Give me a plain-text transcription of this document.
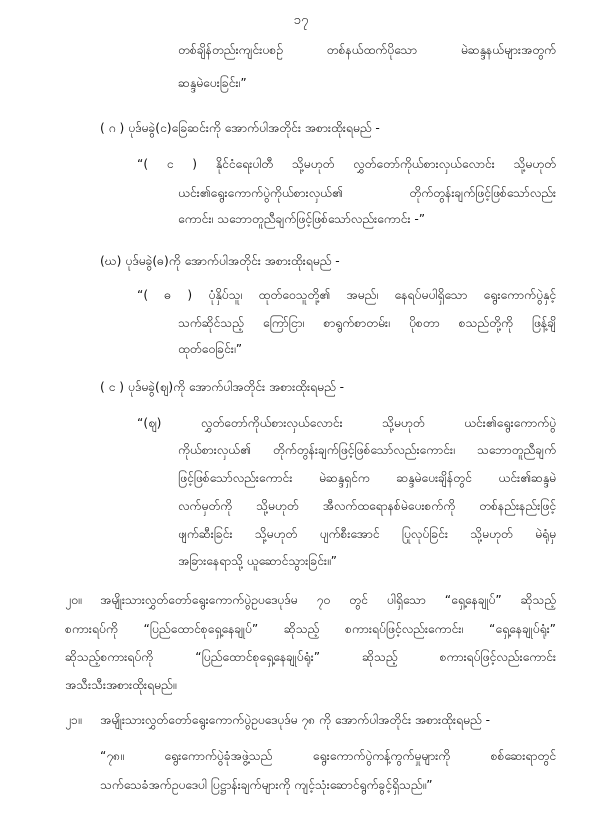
၁၇
တစ်ချိန်တည်းကျင်းပစဉ် တစ်နယ်ထက်ပိုသော မဲဆန္ဒနယ်များအတွက်
ဆန္ဒမဲပေးခြင်း၊”
( ဂ ) ပုဒ်မခွဲ(င)ခြေဆင်းကို အောက်ပါအတိုင်း အစားထိုးရမည် -
“( င ) နိုင်ငံရေးပါတီ သို့မဟုတ် လွှတ်တော်ကိုယ်စားလှယ်လောင်း သို့မဟုတ်
ယင်း၏ရွေးကောက်ပွဲကိုယ်စားလှယ်၏ တိုက်တွန်းချက်ဖြင့်ဖြစ်သော်လည်း
ကောင်း၊ သဘောတူညီချက်ဖြင့်ဖြစ်သော်လည်းကောင်း -”
(ဃ) ပုဒ်မခွဲ(ဓ)ကို အောက်ပါအတိုင်း အစားထိုးရမည် -
“( ဓ ) ပုံနှိပ်သူ၊ ထုတ်ဝေသူတို့၏ အမည်၊ နေရပ်မပါရှိသော ရွေးကောက်ပွဲနှင့်
သက်ဆိုင်သည့် ကြော်ငြာ၊ စာရွက်စာတမ်း၊ ပိုစတာ စသည်တို့ကို ဖြန့်ချိ
ထုတ်ဝေခြင်း၊”
( င ) ပုဒ်မခွဲ(ဈ)ကို အောက်ပါအတိုင်း အစားထိုးရမည် -
“(ဈ) လွှတ်တော်ကိုယ်စားလှယ်လောင်း သို့မဟုတ် ယင်း၏ရွေးကောက်ပွဲ
ကိုယ်စားလှယ်၏ တိုက်တွန်းချက်ဖြင့်ဖြစ်သော်လည်းကောင်း၊ သဘောတူညီချက်
ဖြင့်ဖြစ်သော်လည်းကောင်း မဲဆန္ဒရှင်က ဆန္ဒမဲပေးချိန်တွင် ယင်း၏ဆန္ဒမဲ
လက်မှတ်ကို သို့မဟုတ် အီလက်ထရောနစ်မဲပေးစက်ကို တစ်နည်းနည်းဖြင့်
ဖျက်ဆီးခြင်း သို့မဟုတ် ပျက်စီးအောင် ပြုလုပ်ခြင်း သို့မဟုတ် မဲရုံမှ
အခြားနေရာသို့ ယူဆောင်သွားခြင်း။”
၂၀။ အမျိုးသားလွှတ်တော်ရွေးကောက်ပွဲဥပဒေပုဒ်မ ၇၀ တွင် ပါရှိသော “ရှေ့နေချုပ်” ဆိုသည့်
စကားရပ်ကို “ပြည်ထောင်စုရှေ့နေချုပ်” ဆိုသည့် စကားရပ်ဖြင့်လည်းကောင်း၊ “ရှေ့နေချုပ်ရုံး”
ဆိုသည့်စကားရပ်ကို “ပြည်ထောင်စုရှေ့နေချုပ်ရုံး” ဆိုသည့် စကားရပ်ဖြင့်လည်းကောင်း
အသီးသီးအစားထိုးရမည်။
၂၁။ အမျိုးသားလွှတ်တော်ရွေးကောက်ပွဲဥပဒေပုဒ်မ ၇၈ ကို အောက်ပါအတိုင်း အစားထိုးရမည် -
“၇၈။ ရွေးကောက်ပွဲခုံအဖွဲ့သည် ရွေးကောက်ပွဲကန့်ကွက်မှုများကို စစ်ဆေးရာတွင်
သက်သေခံအက်ဥပဒေပါ ပြဋ္ဌာန်းချက်များကို ကျင့်သုံးဆောင်ရွက်ခွင့်ရှိသည်။”
